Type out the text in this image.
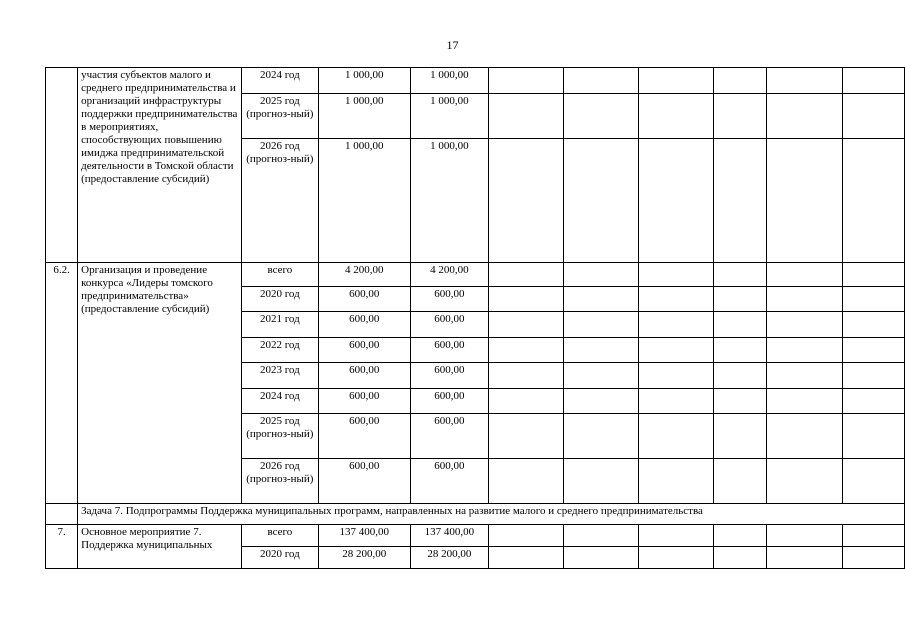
17

	участия субъектов малого и среднего предпринимательства и организаций инфраструктуры поддержки предпринимательства в мероприятиях, способствующих повышению имиджа предпринимательской деятельности в Томской области (предоставление субсидий)	2024 год	1 000,00	1 000,00						
		2025 год (прогноз-ный)	1 000,00	1 000,00						
		2026 год (прогноз-ный)	1 000,00	1 000,00						
6.2.	Организация и проведение конкурса «Лидеры томского предпринимательства» (предоставление субсидий)	всего	4 200,00	4 200,00						
		2020 год	600,00	600,00						
		2021 год	600,00	600,00						
		2022 год	600,00	600,00						
		2023 год	600,00	600,00						
		2024 год	600,00	600,00						
		2025 год (прогноз-ный)	600,00	600,00						
		2026 год (прогноз-ный)	600,00	600,00						
	Задача 7. Подпрограммы Поддержка муниципальных программ, направленных на развитие малого и среднего предпринимательства									
7.	Основное мероприятие 7. Поддержка муниципальных	всего	137 400,00	137 400,00						
		2020 год	28 200,00	28 200,00						
